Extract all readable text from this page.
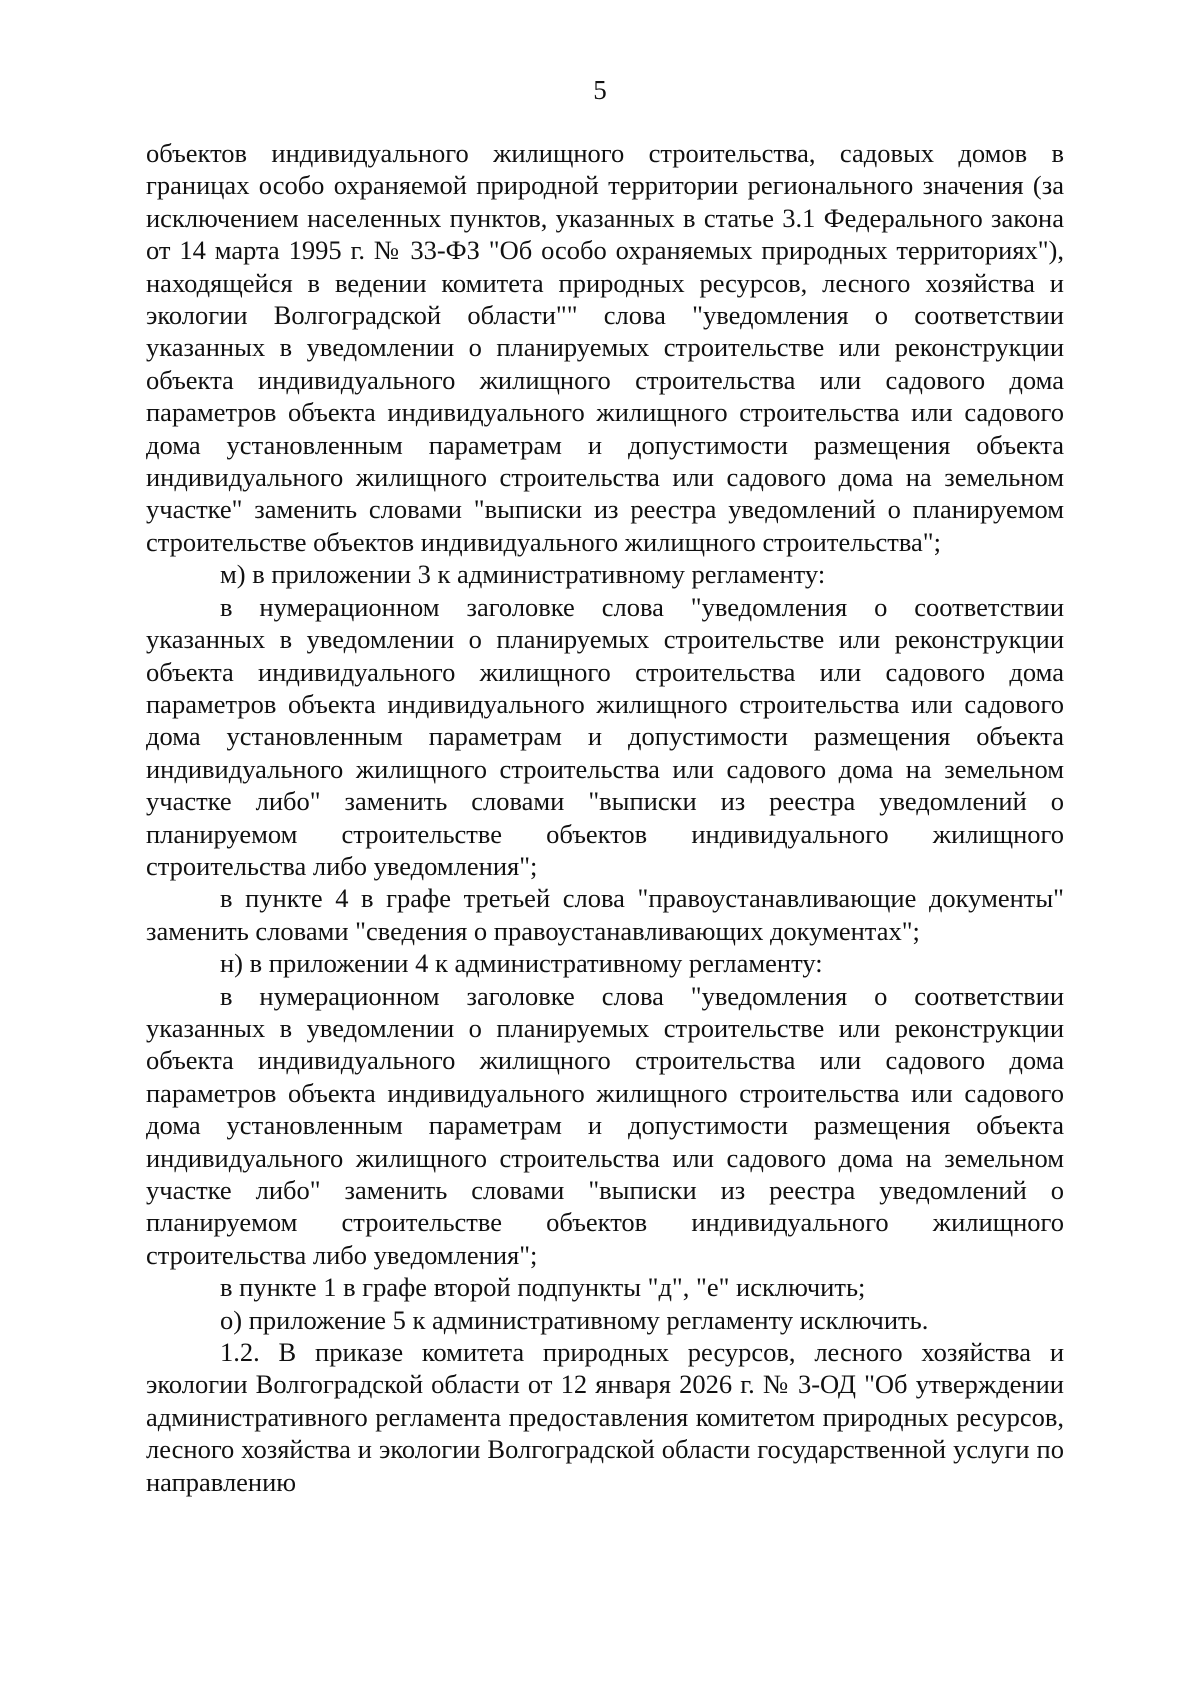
5

объектов индивидуального жилищного строительства, садовых домов в границах особо охраняемой природной территории регионального значения (за исключением населенных пунктов, указанных в статье 3.1 Федерального закона от 14 марта 1995 г. № 33-ФЗ "Об особо охраняемых природных территориях"), находящейся в ведении комитета природных ресурсов, лесного хозяйства и экологии Волгоградской области"" слова "уведомления о соответствии указанных в уведомлении о планируемых строительстве или реконструкции объекта индивидуального жилищного строительства или садового дома параметров объекта индивидуального жилищного строительства или садового дома установленным параметрам и допустимости размещения объекта индивидуального жилищного строительства или садового дома на земельном участке" заменить словами "выписки из реестра уведомлений о планируемом строительстве объектов индивидуального жилищного строительства";

м) в приложении 3 к административному регламенту:

в нумерационном заголовке слова "уведомления о соответствии указанных в уведомлении о планируемых строительстве или реконструкции объекта индивидуального жилищного строительства или садового дома параметров объекта индивидуального жилищного строительства или садового дома установленным параметрам и допустимости размещения объекта индивидуального жилищного строительства или садового дома на земельном участке либо" заменить словами "выписки из реестра уведомлений о планируемом строительстве объектов индивидуального жилищного строительства либо уведомления";

в пункте 4 в графе третьей слова "правоустанавливающие документы" заменить словами "сведения о правоустанавливающих документах";

н) в приложении 4 к административному регламенту:

в нумерационном заголовке слова "уведомления о соответствии указанных в уведомлении о планируемых строительстве или реконструкции объекта индивидуального жилищного строительства или садового дома параметров объекта индивидуального жилищного строительства или садового дома установленным параметрам и допустимости размещения объекта индивидуального жилищного строительства или садового дома на земельном участке либо" заменить словами "выписки из реестра уведомлений о планируемом строительстве объектов индивидуального жилищного строительства либо уведомления";

в пункте 1 в графе второй подпункты "д", "е" исключить;

о) приложение 5 к административному регламенту исключить.

1.2. В приказе комитета природных ресурсов, лесного хозяйства и экологии Волгоградской области от 12 января 2026 г. № 3-ОД "Об утверждении административного регламента предоставления комитетом природных ресурсов, лесного хозяйства и экологии Волгоградской области государственной услуги по направлению
